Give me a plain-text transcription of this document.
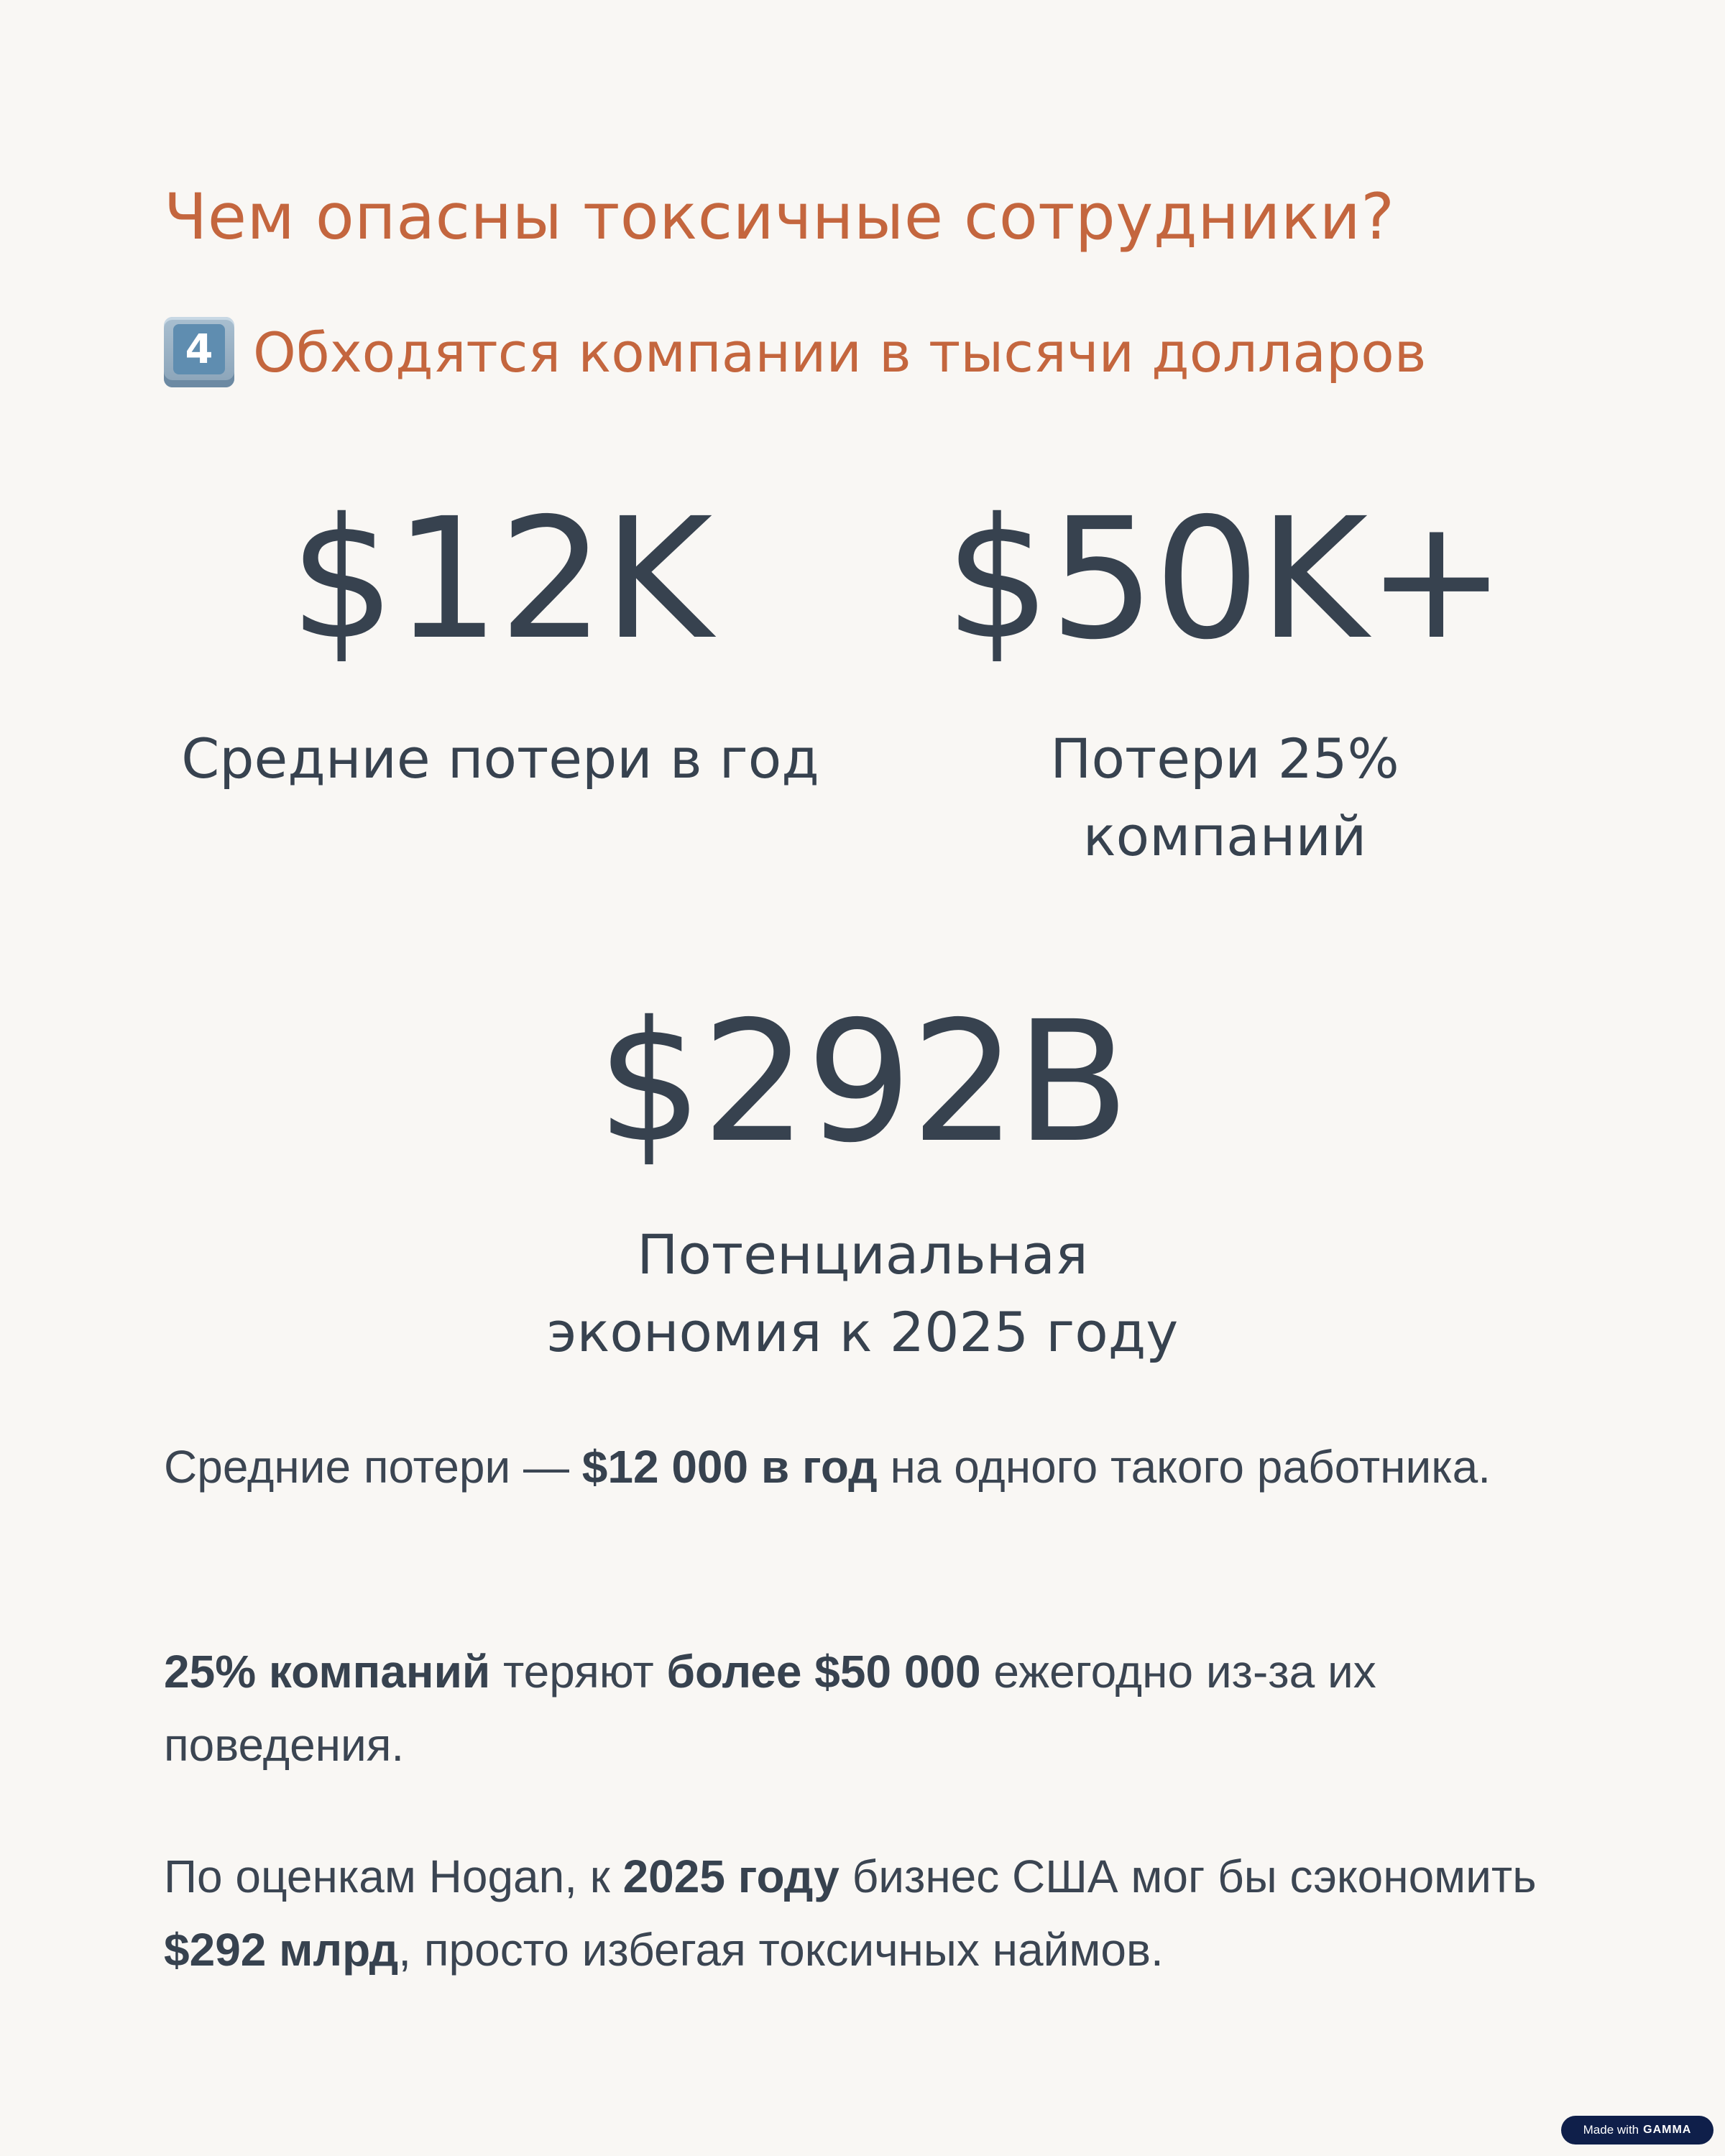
Чем опасны токсичные сотрудники?
4 Обходятся компании в тысячи долларов
$12K
Средние потери в год
$50K+
Потери 25%
компаний
$292B
Потенциальная
экономия к 2025 году

Средние потери — $12 000 в год на одного такого работника.

25% компаний теряют более $50 000 ежегодно из-за их поведения.

По оценкам Hogan, к 2025 году бизнес США мог бы сэкономить $292 млрд, просто избегая токсичных наймов.

Made with GAMMA
